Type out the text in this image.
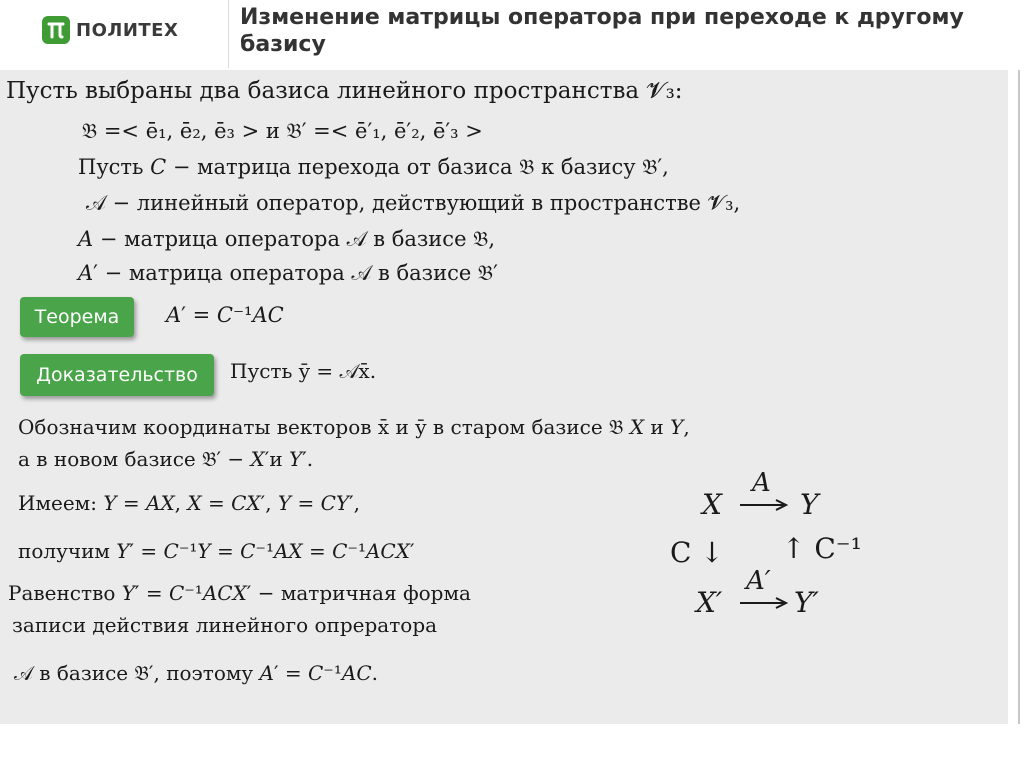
ПОЛИТЕХ	Изменение матрицы оператора при переходе к другому базису
Пусть выбраны два базиса линейного пространства 𝓥₃:
𝔅 =< ē₁, ē₂, ē₃ > и 𝔅′ =< ē′₁, ē′₂, ē′₃ >
Пусть 𝐶 − матрица перехода от базиса 𝔅 к базису 𝔅′,
𝒜 − линейный оператор, действующий в пространстве 𝓥₃,
𝐴 − матрица оператора 𝒜 в базисе 𝔅,
𝐴′ − матрица оператора 𝒜 в базисе 𝔅′
Теорема	𝐴′ = 𝐶⁻¹𝐴𝐶
Доказательство	Пусть ȳ = 𝒜x̄.
Обозначим координаты векторов x̄ и ȳ в старом базисе 𝔅 𝑋 и 𝑌,
а в новом базисе 𝔅′ − 𝑋′и 𝑌′.
Имеем: 𝑌 = 𝐴𝑋, 𝑋 = 𝐶𝑋′, 𝑌 = 𝐶𝑌′,
получим 𝑌′ = 𝐶⁻¹𝑌 = 𝐶⁻¹𝐴𝑋 = 𝐶⁻¹𝐴𝐶𝑋′
Равенство 𝑌′ = 𝐶⁻¹𝐴𝐶𝑋′ − матричная форма
записи действия линейного опрератора
𝒜 в базисе 𝔅′, поэтому 𝐴′ = 𝐶⁻¹𝐴𝐶.
X
A
Y
C ↓ ↑ C⁻¹
X′
A′
Y′
